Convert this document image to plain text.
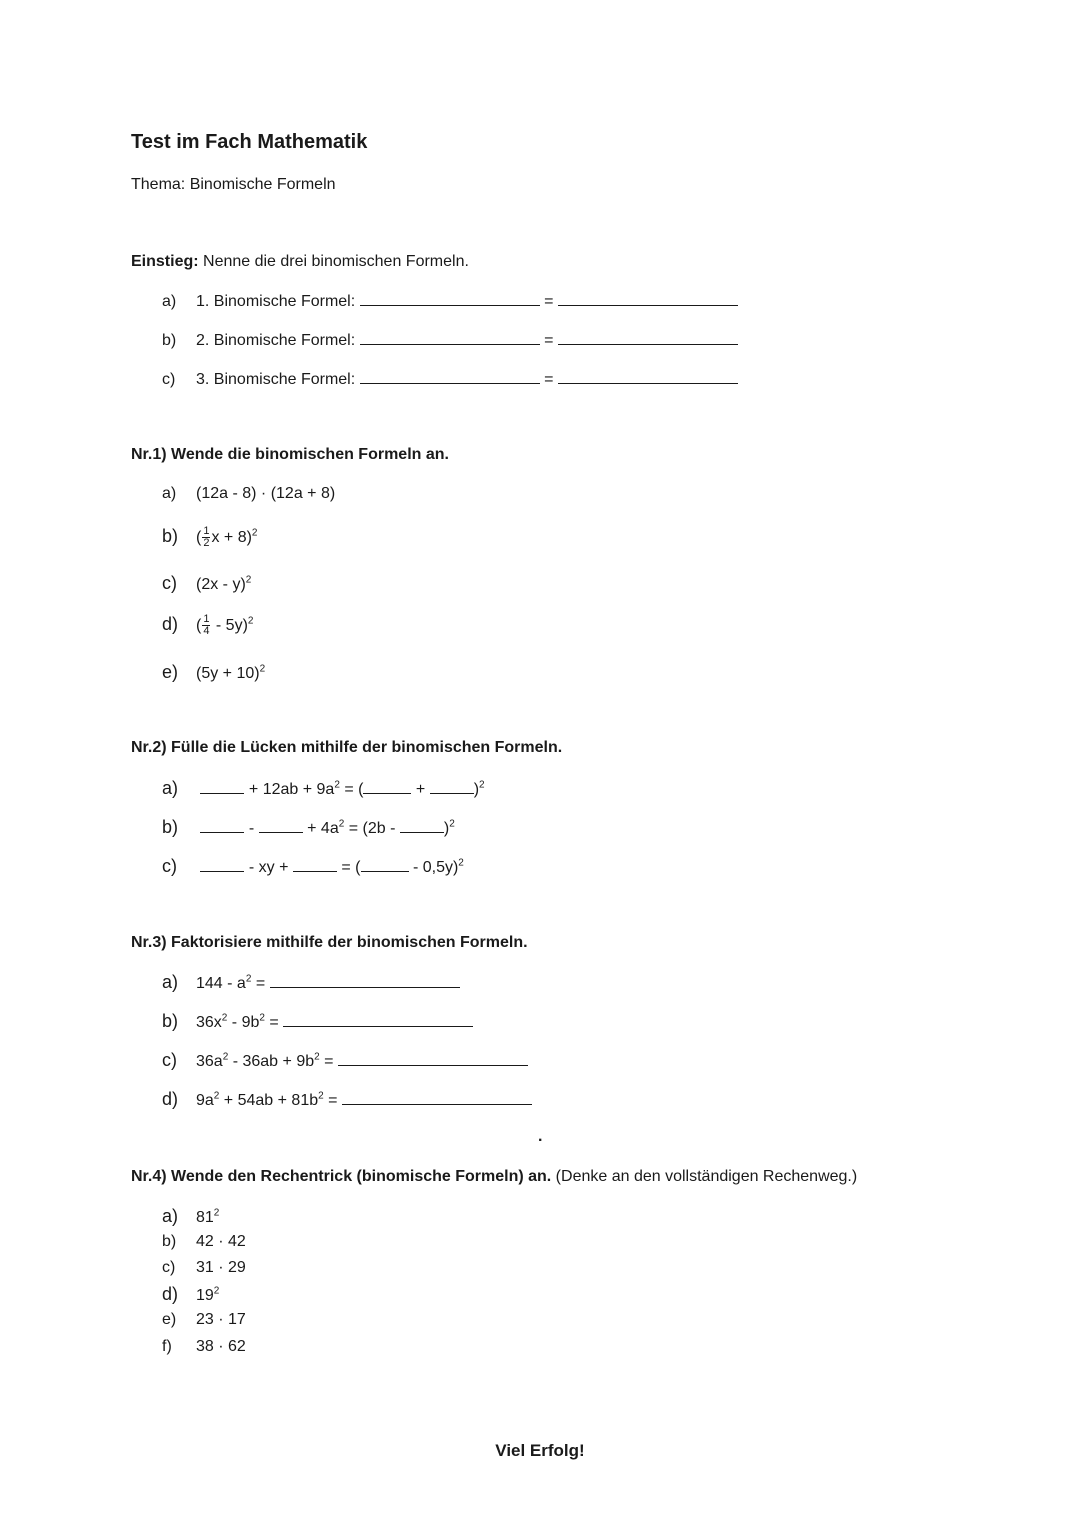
Test im Fach Mathematik
Thema: Binomische Formeln
Einstieg: Nenne die drei binomischen Formeln.
a) 1. Binomische Formel:	=
b) 2. Binomische Formel:	=
c) 3. Binomische Formel:	=
Nr.1) Wende die binomischen Formeln an.
a) (12a - 8) · (12a + 8)
b) ( $\frac{1}{2}$ x + 8)$^2$
c) (2x - y)$^2$
d) ( $\frac{1}{4} - 5y)^2$
e) $(5y + 10)^2$
Nr.2) Fülle die Lücken mithilfe der binomischen Formeln.
a)	+ $12ab + 9a^2$ = (	+	)$^2$
b)	-	+ $4a^2 = (2b$ -	)$^2$
c)	- xy +	= (	- 0,5y)$^2$
Nr.3) Faktorisiere mithilfe der binomischen Formeln.
a) $144 - a^2$ =
b) $36x^2 - 9b^2$ =
c) $36a^2 - 36ab + 9b^2$ =
d) $9a^2 + 54ab + 81b^2$ =
.
Nr.4) Wende den Rechentrick (binomische Formeln) an. (Denke an den vollständigen Rechenweg.)
a) $81^2$
b) 42 · 42
c) 31 · 29
d) $19^2$
e) 23 · 17
f) 38 · 62
Viel Erfolg!
